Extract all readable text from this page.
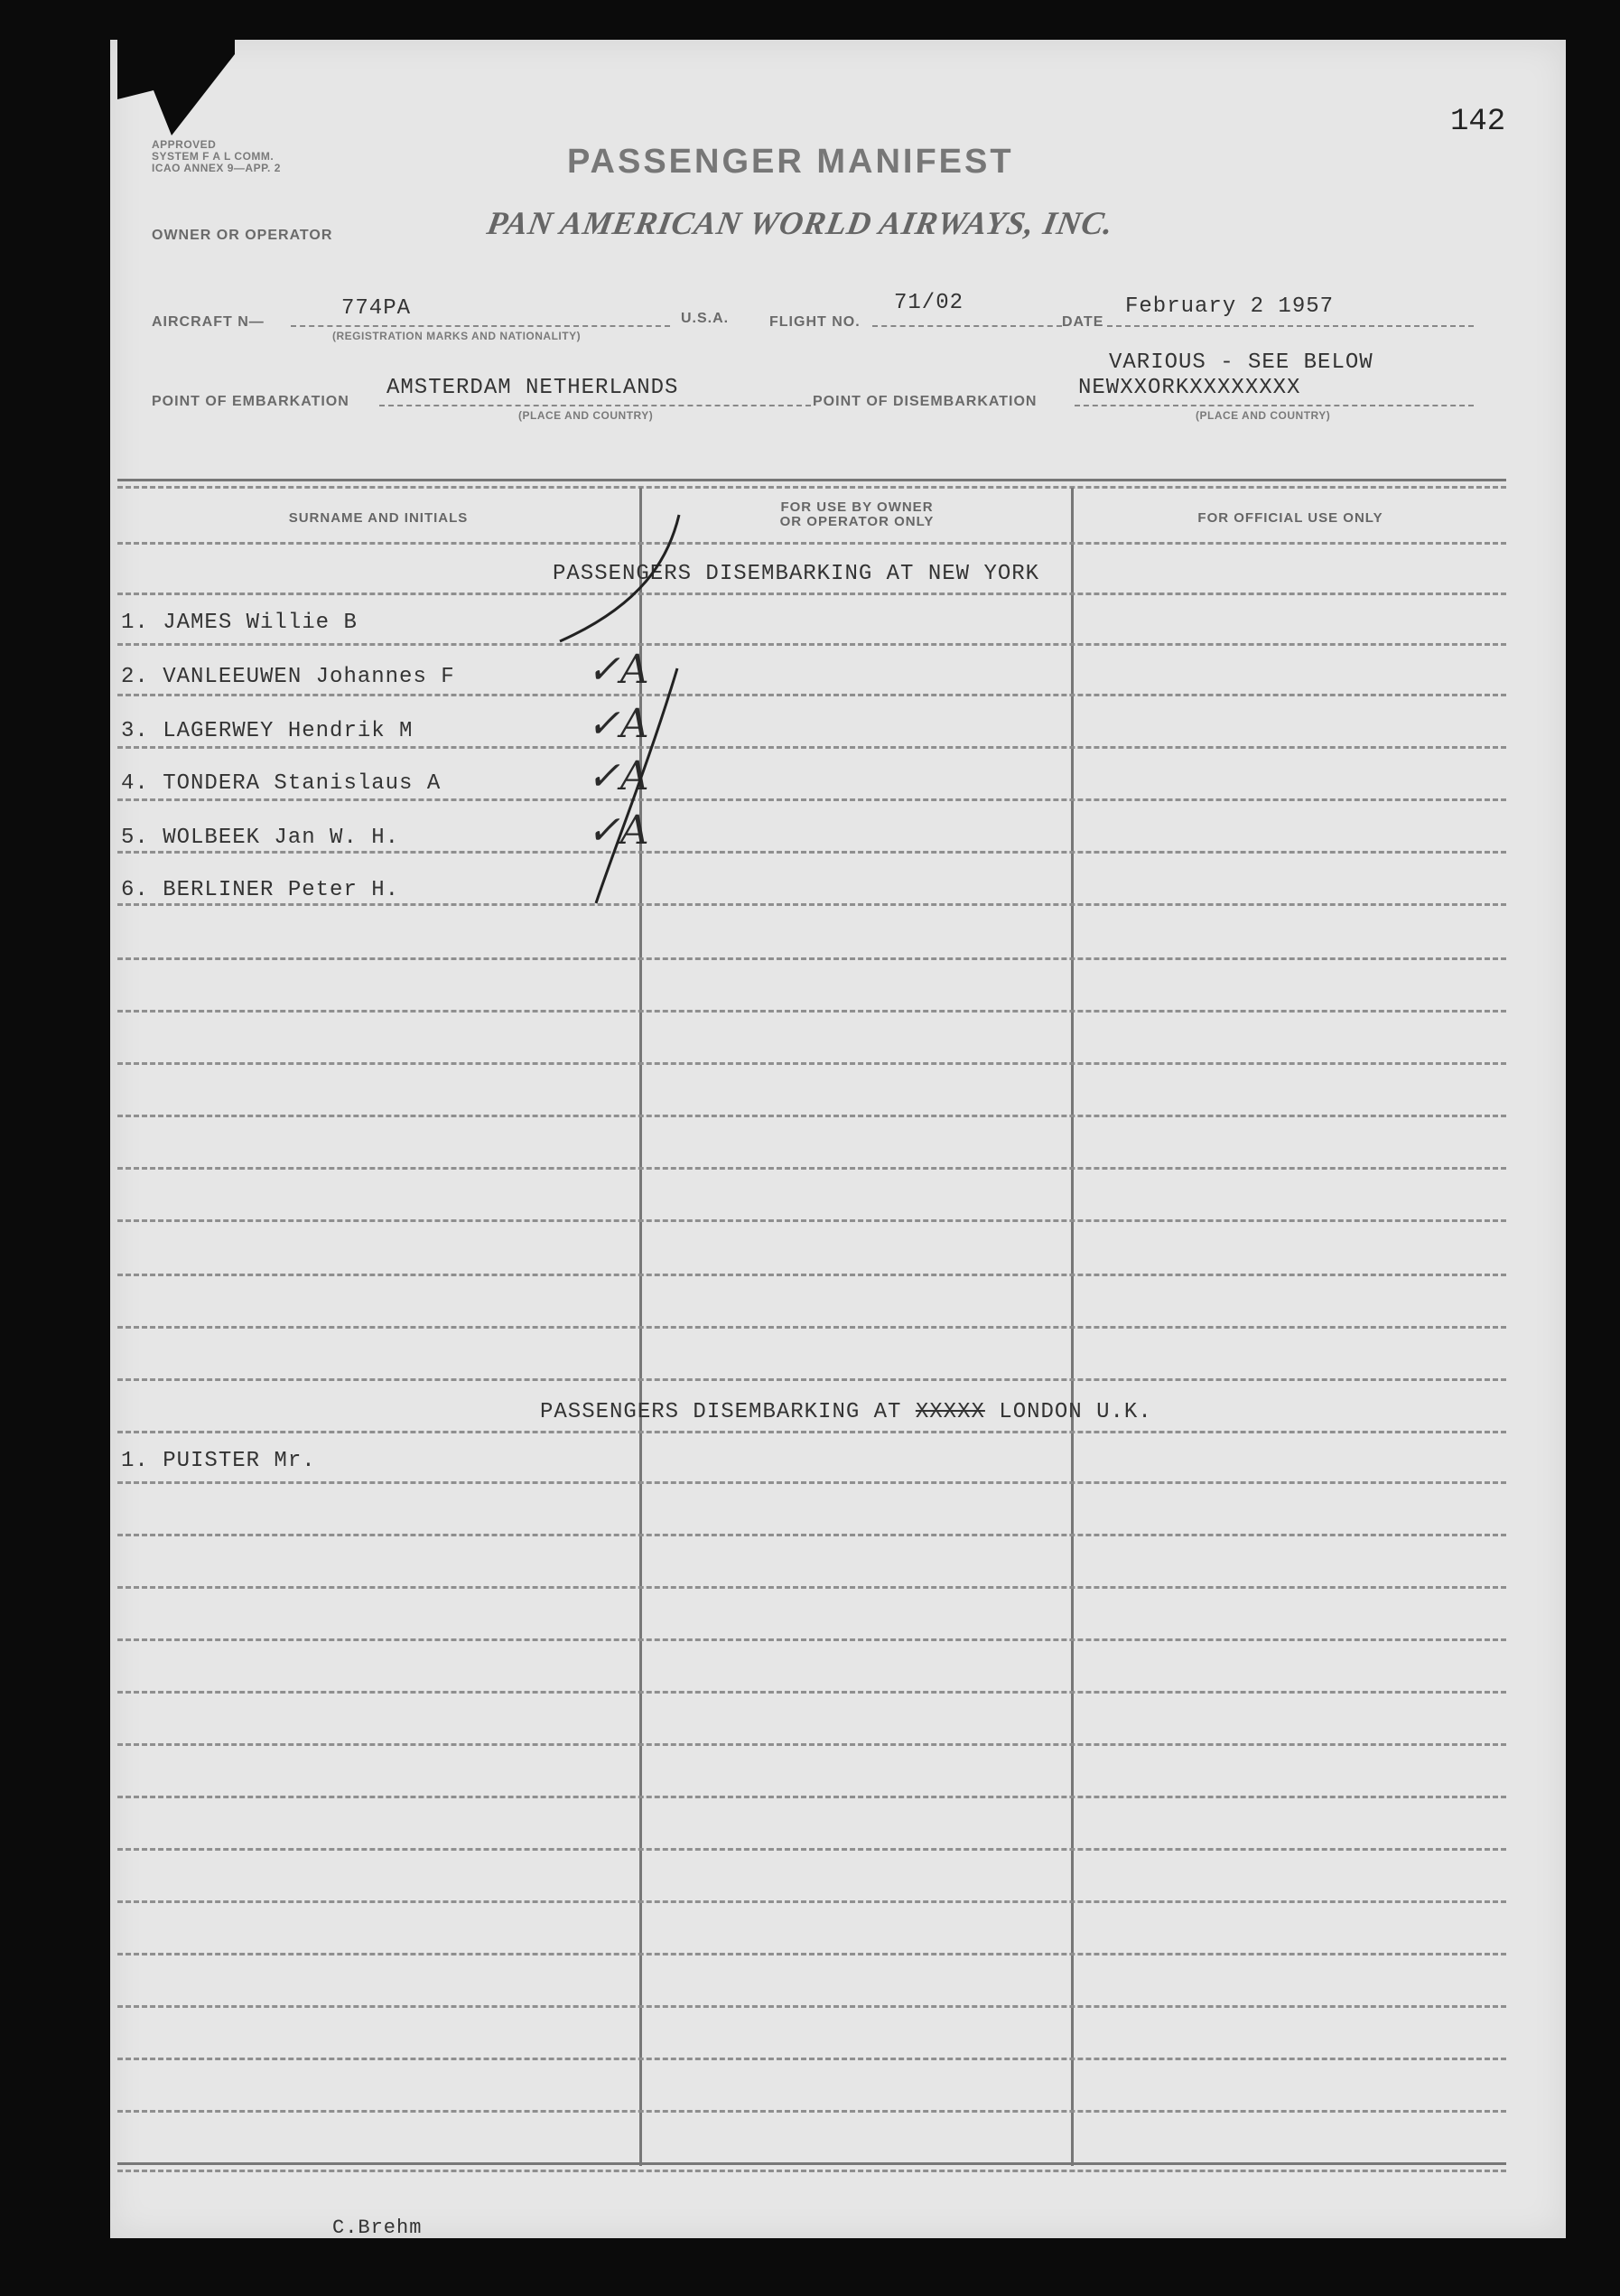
142
APPROVED
SYSTEM F A L COMM.
ICAO ANNEX 9—APP. 2	PASSENGER MANIFEST
OWNER OR OPERATOR	PAN AMERICAN WORLD AIRWAYS, INC.
AIRCRAFT N—
774PA
(REGISTRATION MARKS AND NATIONALITY)
U.S.A.	FLIGHT NO.
71/02
DATE
February 2 1957
POINT OF EMBARKATION
AMSTERDAM NETHERLANDS
(PLACE AND COUNTRY)
POINT OF DISEMBARKATION
VARIOUS - SEE BELOW
NEWXXORKXXXXXXXX
(PLACE AND COUNTRY)
SURNAME AND INITIALS
FOR USE BY OWNER
OR OPERATOR ONLY	FOR OFFICIAL USE ONLY
PASSENGERS DISEMBARKING AT NEW YORK
1. JAMES Willie B
2. VANLEEUWEN Johannes F	✓A
3. LAGERWEY Hendrik M	✓A
4. TONDERA Stanislaus A	✓A
5. WOLBEEK Jan W. H.	✓A
6. BERLINER Peter H.
PASSENGERS DISEMBARKING AT XXXXX LONDON U.K.
1. PUISTER Mr.
C.Brehm
